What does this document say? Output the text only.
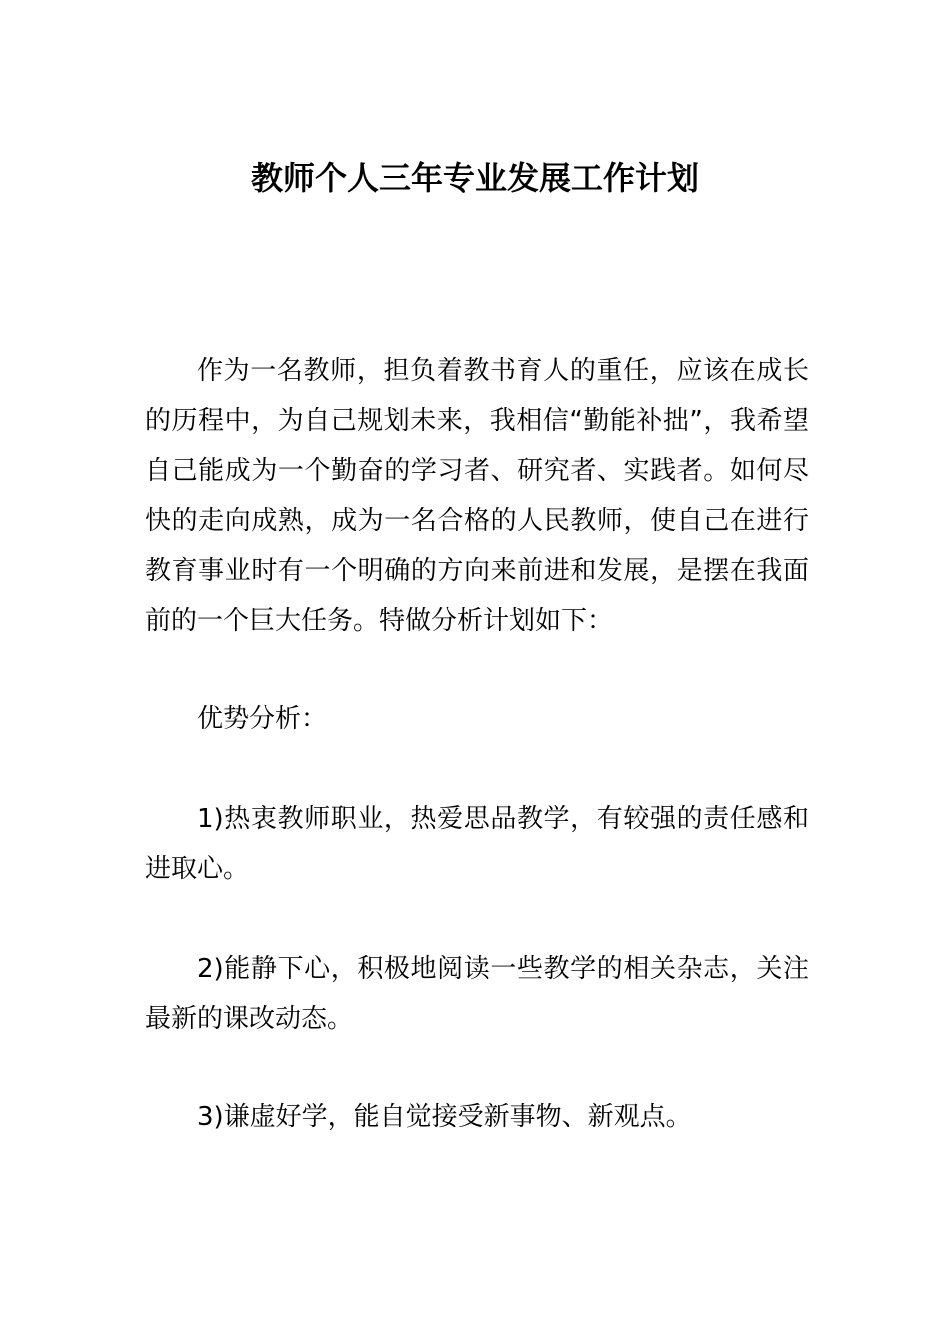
教师个人三年专业发展工作计划

作为一名教师，担负着教书育人的重任，应该在成长的历程中，为自己规划未来，我相信“勤能补拙”，我希望自己能成为一个勤奋的学习者、研究者、实践者。如何尽快的走向成熟，成为一名合格的人民教师，使自己在进行教育事业时有一个明确的方向来前进和发展，是摆在我面前的一个巨大任务。特做分析计划如下：

优势分析：

1)热衷教师职业，热爱思品教学，有较强的责任感和进取心。

2)能静下心，积极地阅读一些教学的相关杂志，关注最新的课改动态。

3)谦虚好学，能自觉接受新事物、新观点。
